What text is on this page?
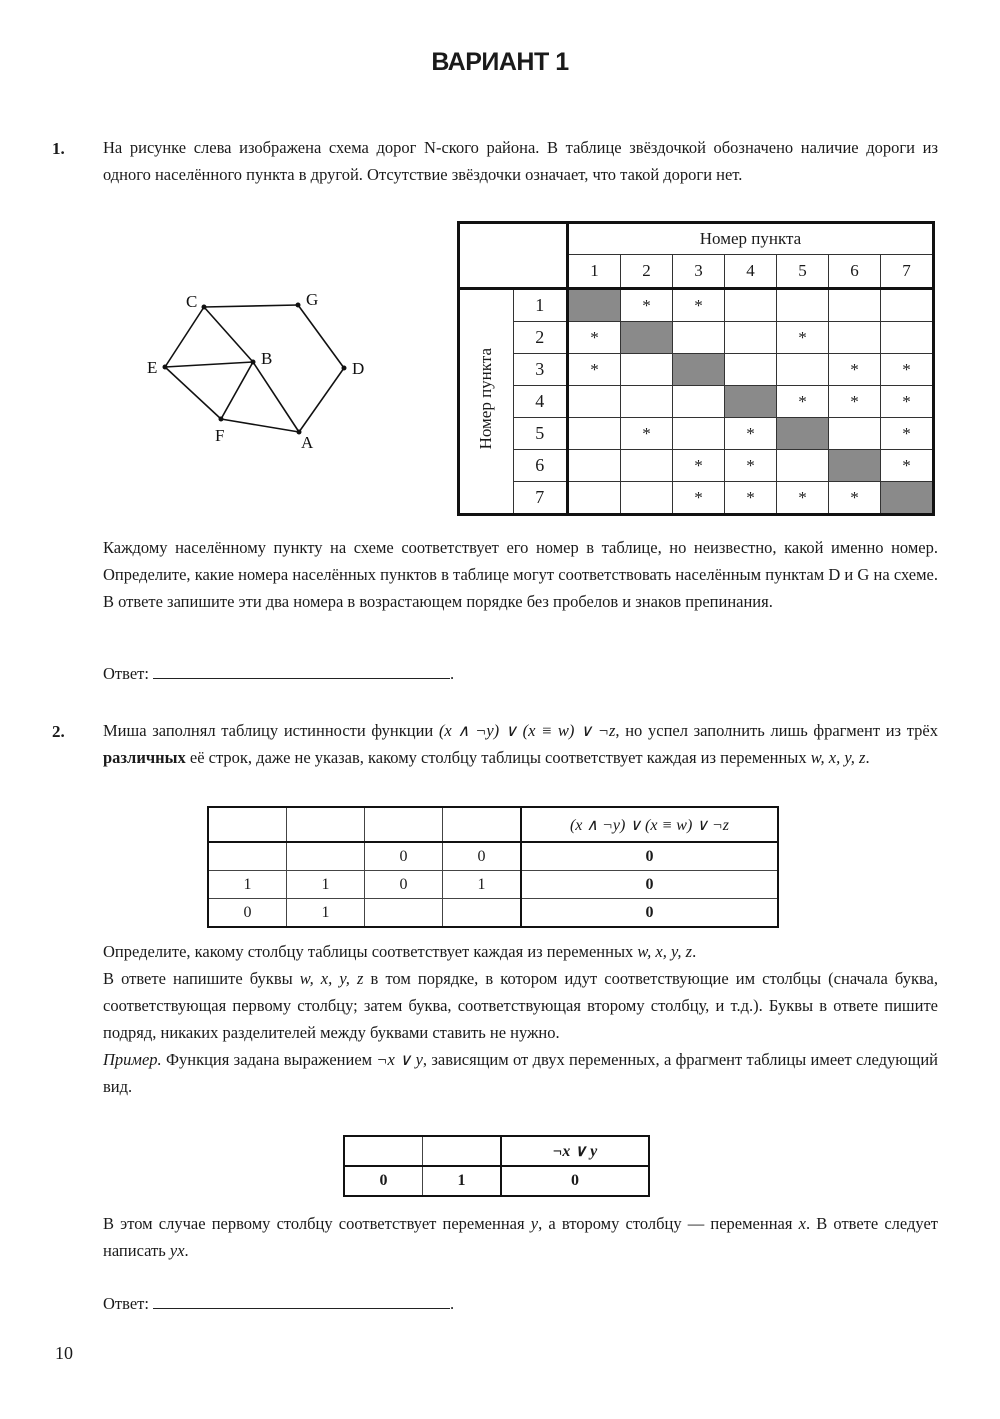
ВАРИАНТ 1
1. На рисунке слева изображена схема дорог N-ского района. В таблице звёздочкой обозначено наличие дороги из одного населённого пункта в другой. Отсутствие звёздочки означает, что такой дороги нет.

C	G
E	B
D
F	A
		Номер пункта						
		1	2	3	4	5	6	7
Номер пункта	1		*	*				
	2	*				*		
	3	*					*	*
	4					*	*	*
	5		*		*			*
	6			*	*			*
	7			*	*	*	*	

Каждому населённому пункту на схеме соответствует его номер в таблице, но неизвестно, какой именно номер. Определите, какие номера населённых пунктов в таблице могут соответствовать населённым пунктам D и G на схеме. В ответе запишите эти два номера в возрастающем порядке без пробелов и знаков препинания.

Ответ:	.
2. Миша заполнял таблицу истинности функции (x ∧ ¬y) ∨ (x ≡ w) ∨ ¬z, но успел заполнить лишь фрагмент из трёх различных её строк, даже не указав, какому столбцу таблицы соответствует каждая из переменных w, x, y, z.

				(x ∧ ¬y) ∨ (x ≡ w) ∨ ¬z
		0	0	0
1	1	0	1	0
0	1			0

Определите, какому столбцу таблицы соответствует каждая из переменных w, x, y, z.

В ответе напишите буквы w, x, y, z в том порядке, в котором идут соответствующие им столбцы (сначала буква, соответствующая первому столбцу; затем буква, соответствующая второму столбцу, и т.д.). Буквы в ответе пишите подряд, никаких разделителей между буквами ставить не нужно.

Пример. Функция задана выражением ¬x ∨ y, зависящим от двух переменных, а фрагмент таблицы имеет следующий вид.

		¬x ∨ y
0	1	0

В этом случае первому столбцу соответствует переменная y, а второму столбцу — переменная x. В ответе следует написать yx.

Ответ:	.
10
